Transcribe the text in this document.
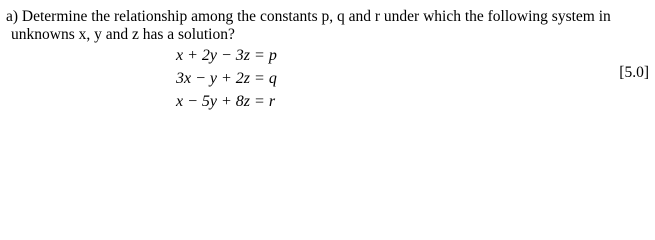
a) Determine the relationship among the constants p, q and r under which the following system in
unknowns x, y and z has a solution?
x + 2y − 3z = p
3x − y + 2z = q
x − 5y + 8z = r
[5.0]
